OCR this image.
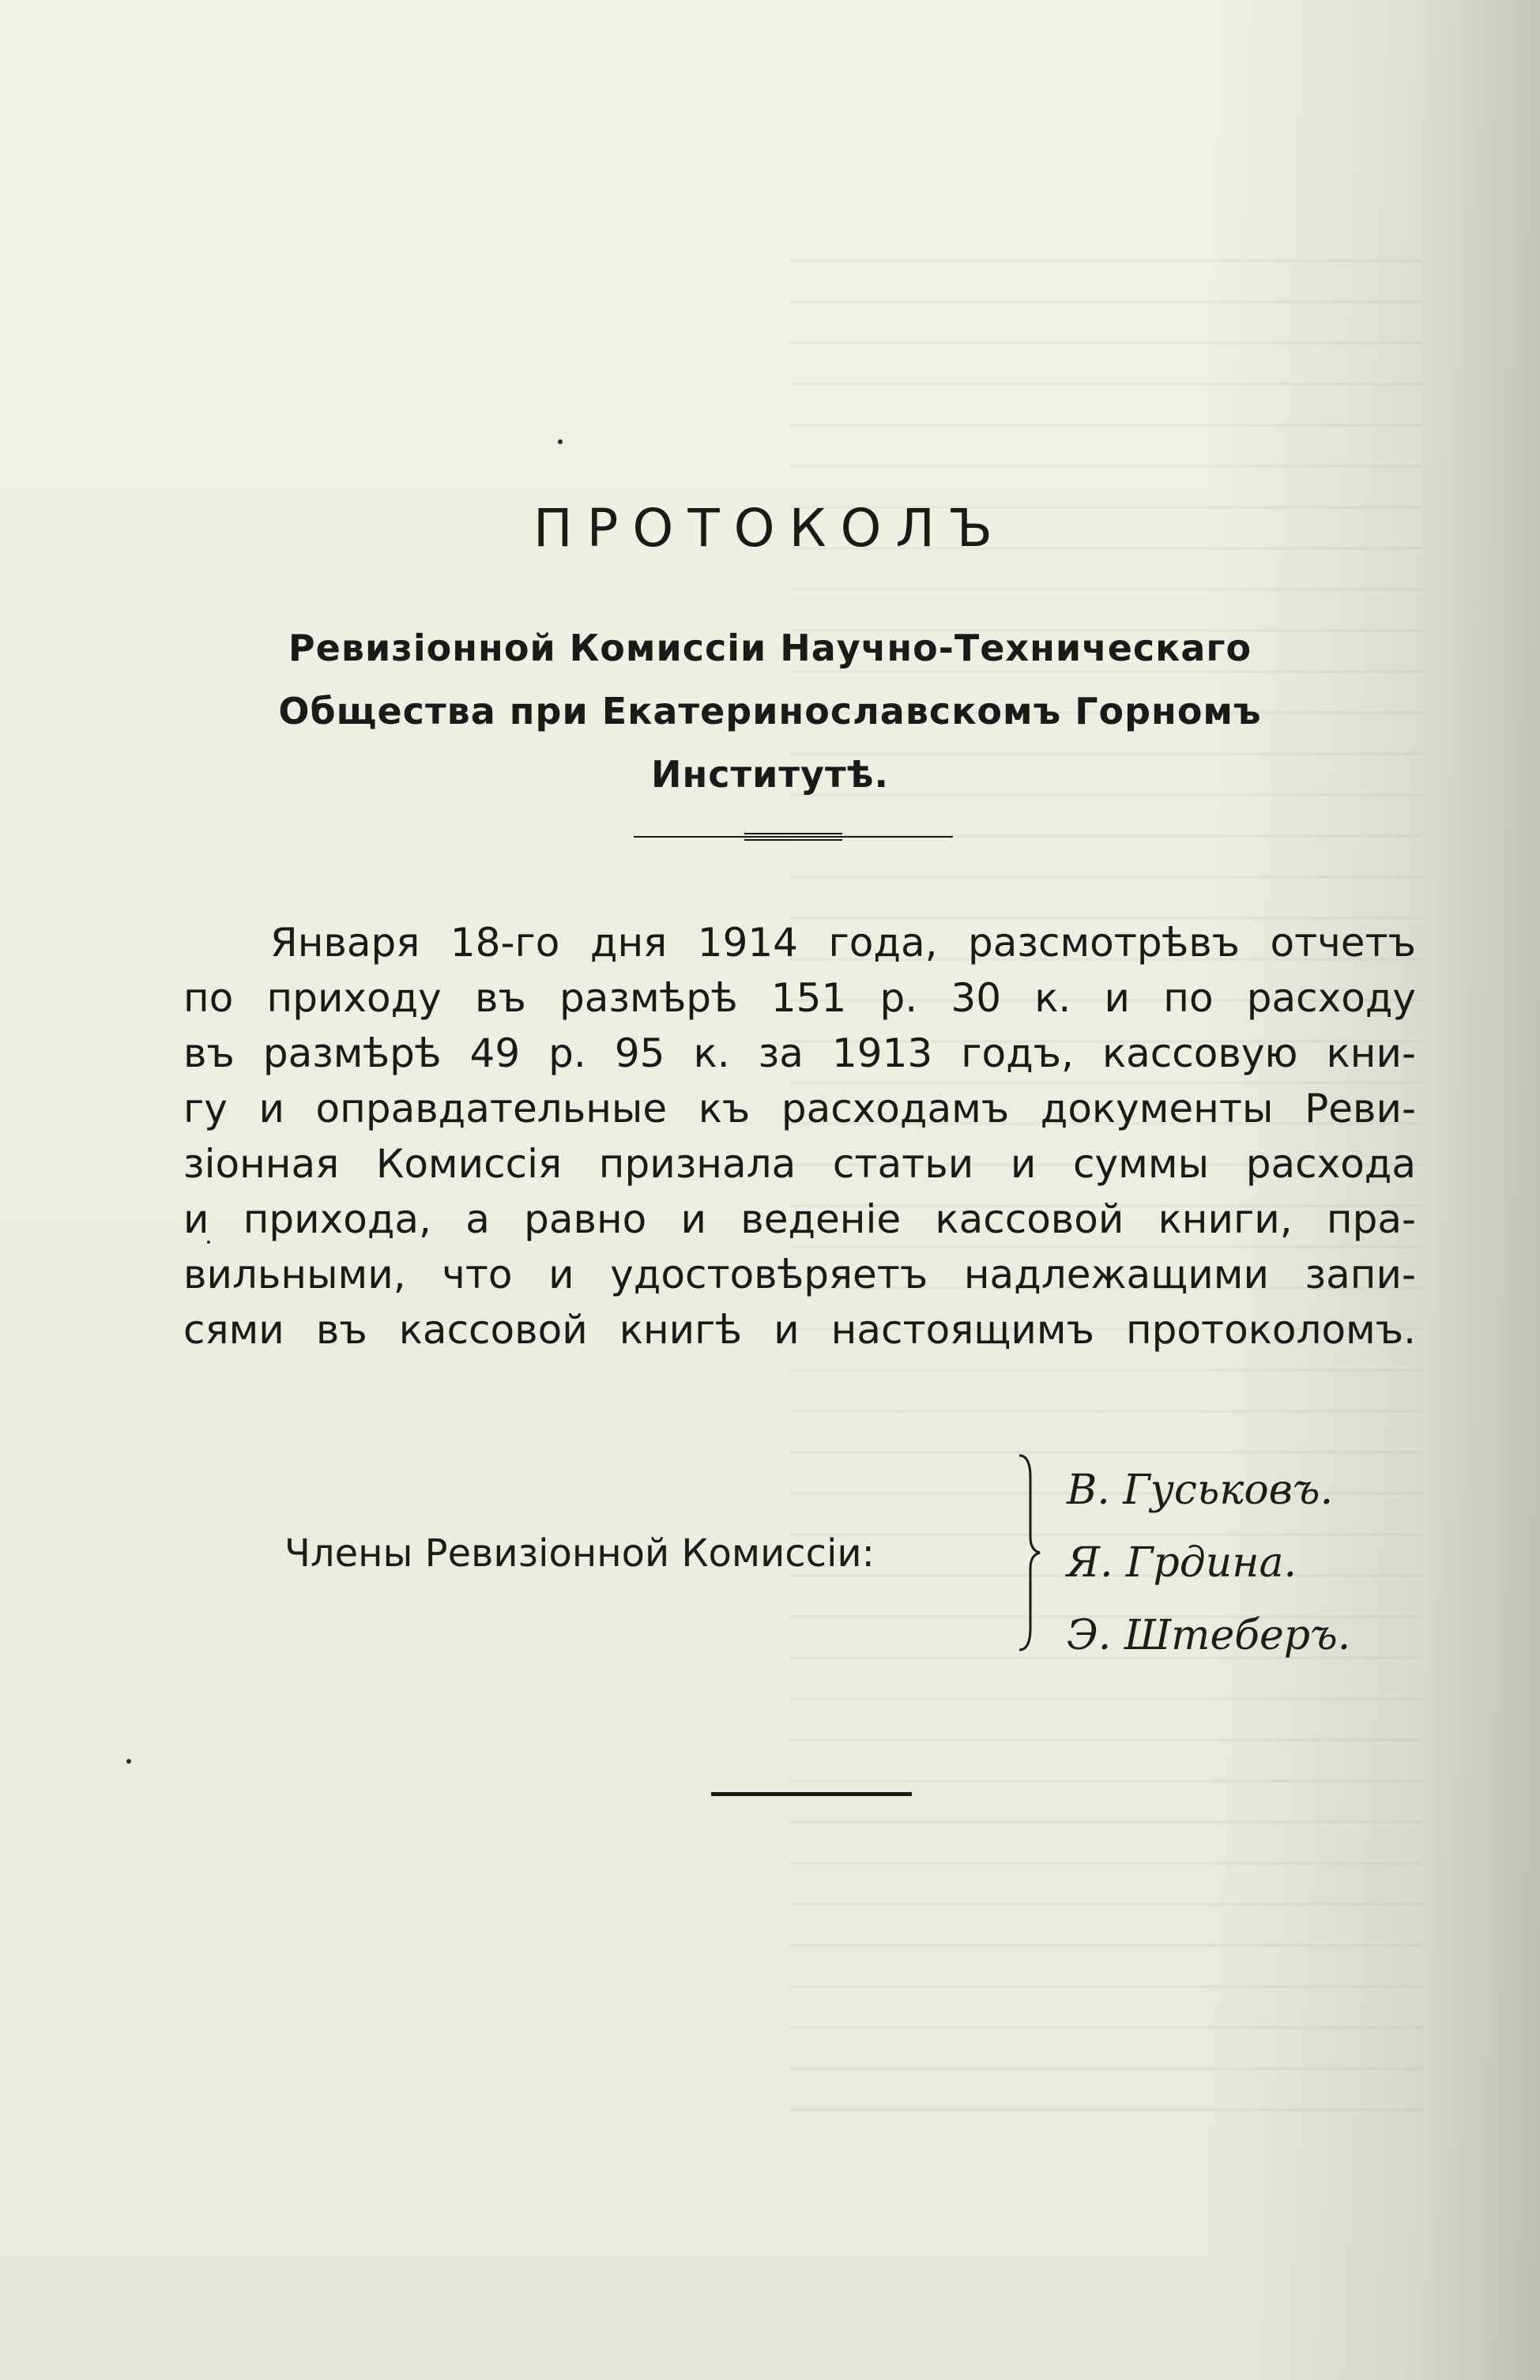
ПРОТОКОЛЪ
Ревизіонной Комиссіи Научно-Техническаго
Общества при Екатеринославскомъ Горномъ
Институтѣ.
Января 18-го дня 1914 года, разсмотрѣвъ отчетъ
по приходу въ размѣрѣ 151 р. 30 к. и по расходу
въ размѣрѣ 49 р. 95 к. за 1913 годъ, кассовую кни-
гу и оправдательные къ расходамъ документы Реви-
зіонная Комиссія признала статьи и суммы расхода
и прихода, а равно и веденіе кассовой книги, пра-
вильными, что и удостовѣряетъ надлежащими запи-
сями въ кассовой книгѣ и настоящимъ протоколомъ.
Члены Ревизіонной Комиссіи:
В. Гуськовъ.
Я. Грдина.
Э. Штеберъ.
